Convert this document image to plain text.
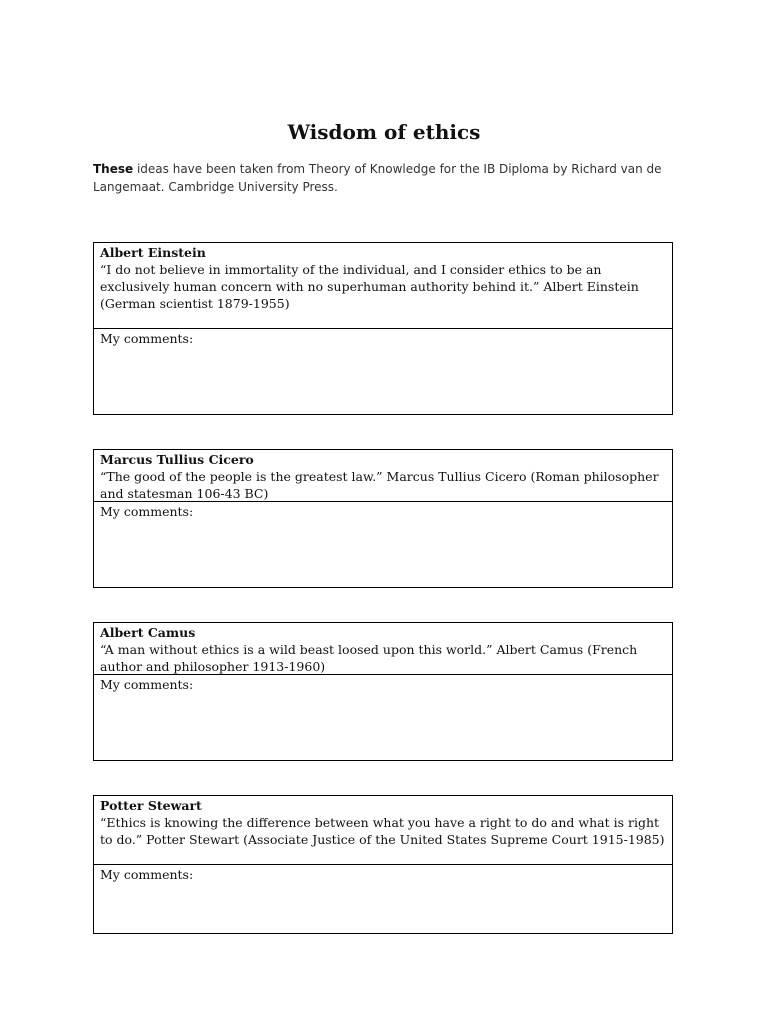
Wisdom of ethics

These ideas have been taken from Theory of Knowledge for the IB Diploma by Richard van de Langemaat. Cambridge University Press.

Albert Einstein
“I do not believe in immortality of the individual, and I consider ethics to be an exclusively human concern with no superhuman authority behind it.” Albert Einstein (German scientist 1879-1955)
My comments:
Marcus Tullius Cicero
“The good of the people is the greatest law.” Marcus Tullius Cicero (Roman philosopher and statesman 106-43 BC)
My comments:
Albert Camus
“A man without ethics is a wild beast loosed upon this world.” Albert Camus (French author and philosopher 1913-1960)
My comments:
Potter Stewart
“Ethics is knowing the difference between what you have a right to do and what is right to do.” Potter Stewart (Associate Justice of the United States Supreme Court 1915-1985)
My comments:
